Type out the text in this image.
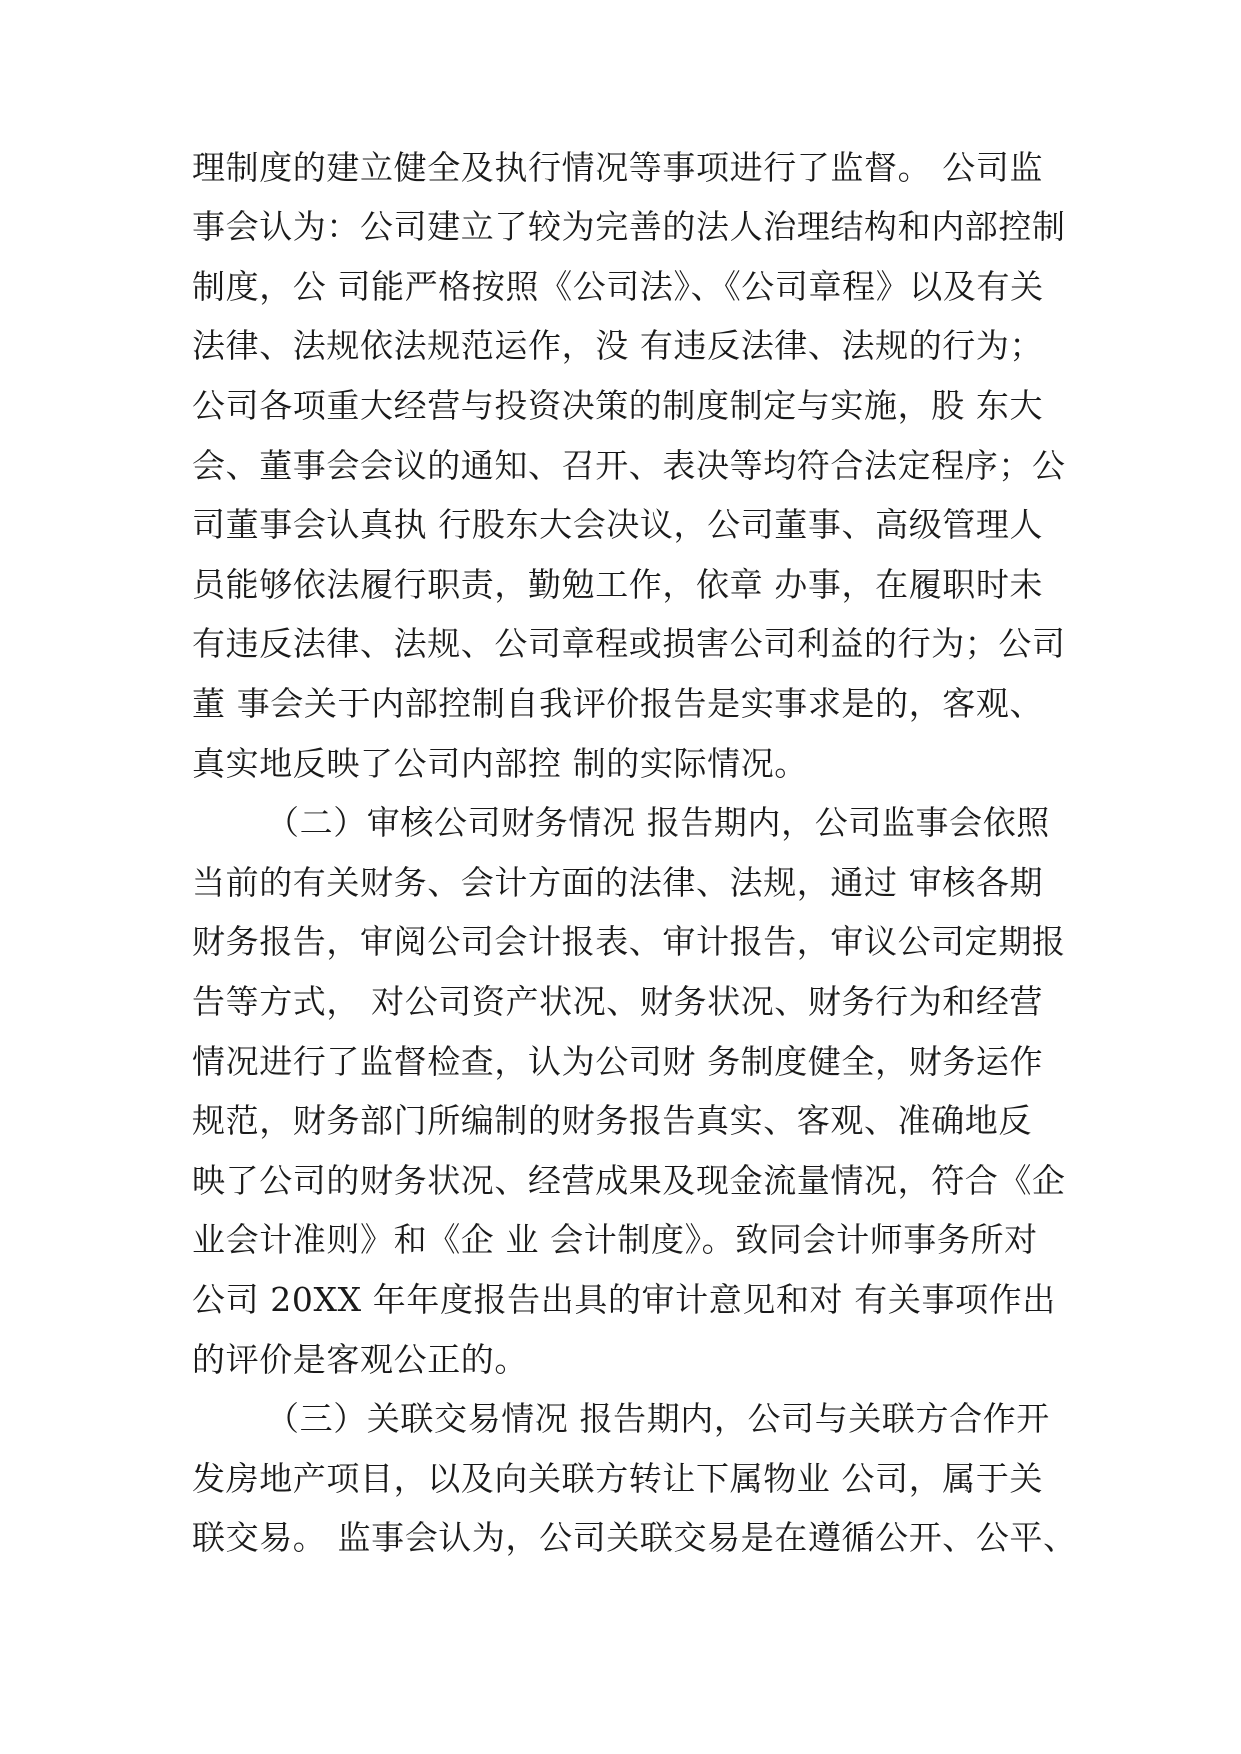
理制度的建立健全及执行情况等事项进行了监督。 公司监
事会认为：公司建立了较为完善的法人治理结构和内部控制
制度，公 司能严格按照《公司法》、《公司章程》以及有关
法律、法规依法规范运作，没 有违反法律、法规的行为；
公司各项重大经营与投资决策的制度制定与实施，股 东大
会、董事会会议的通知、召开、表决等均符合法定程序；公
司董事会认真执 行股东大会决议，公司董事、高级管理人
员能够依法履行职责，勤勉工作，依章 办事，在履职时未
有违反法律、法规、公司章程或损害公司利益的行为；公司
董 事会关于内部控制自我评价报告是实事求是的，客观、
真实地反映了公司内部控 制的实际情况。
（二）审核公司财务情况 报告期内，公司监事会依照
当前的有关财务、会计方面的法律、法规，通过 审核各期
财务报告，审阅公司会计报表、审计报告，审议公司定期报
告等方式， 对公司资产状况、财务状况、财务行为和经营
情况进行了监督检查，认为公司财 务制度健全，财务运作
规范，财务部门所编制的财务报告真实、客观、准确地反
映了公司的财务状况、经营成果及现金流量情况，符合《企
业会计准则》和《企 业 会计制度》。致同会计师事务所对
公司 20XX 年年度报告出具的审计意见和对 有关事项作出
的评价是客观公正的。
（三）关联交易情况 报告期内，公司与关联方合作开
发房地产项目，以及向关联方转让下属物业 公司，属于关
联交易。 监事会认为，公司关联交易是在遵循公开、公平、
